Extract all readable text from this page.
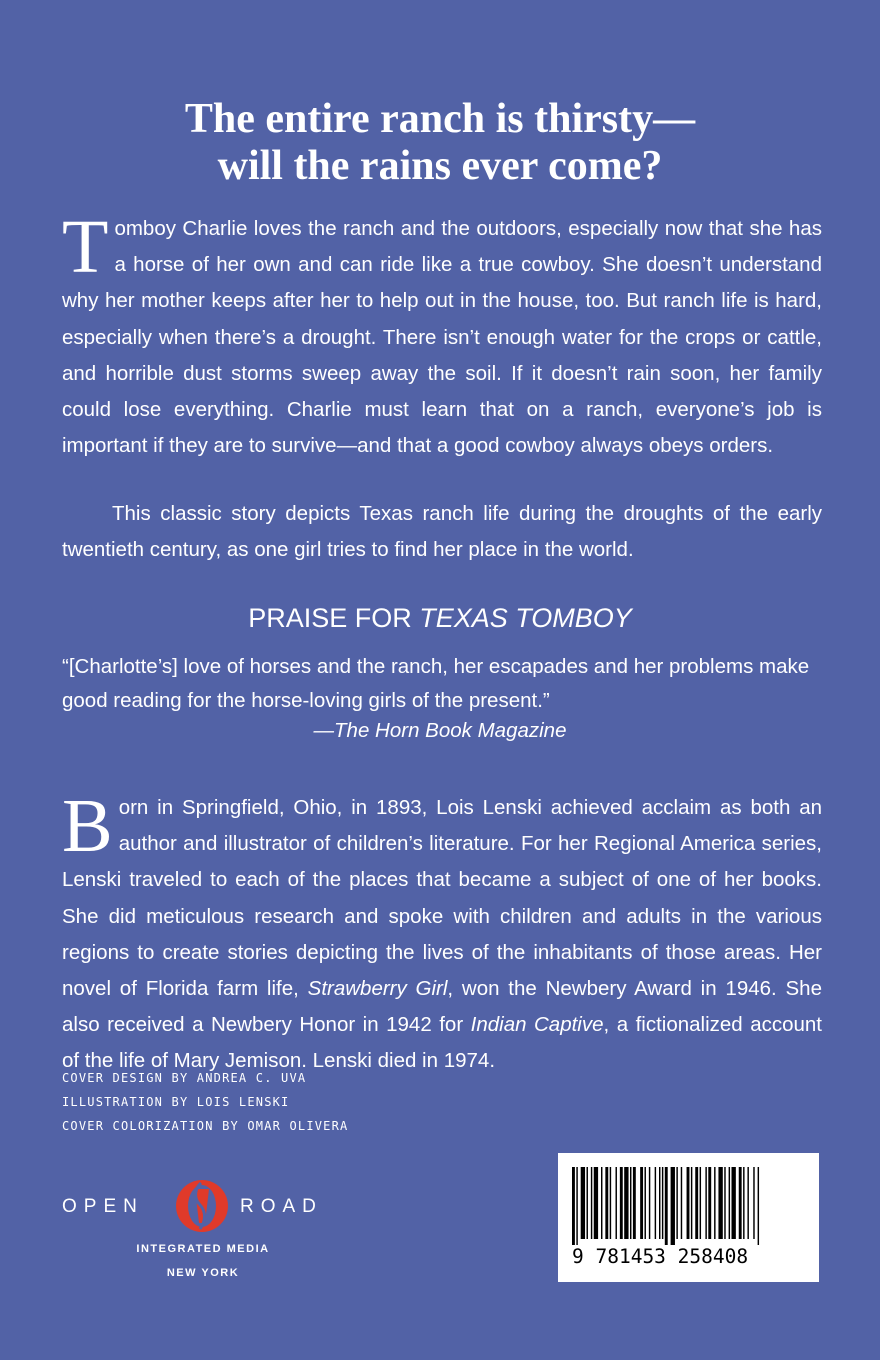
The entire ranch is thirsty—
will the rains ever come?

Tomboy Charlie loves the ranch and the outdoors, especially now that she has a horse of her own and can ride like a true cowboy. She doesn’t understand why her mother keeps after her to help out in the house, too. But ranch life is hard, especially when there’s a drought. There isn’t enough water for the crops or cattle, and horrible dust storms sweep away the soil. If it doesn’t rain soon, her family could lose everything. Charlie must learn that on a ranch, everyone’s job is important if they are to survive—and that a good cowboy always obeys orders.

This classic story depicts Texas ranch life during the droughts of the early twentieth century, as one girl tries to find her place in the world.

PRAISE FOR TEXAS TOMBOY

“[Charlotte’s] love of horses and the ranch, her escapades and her problems make good reading for the horse-loving girls of the present.”

—The Horn Book Magazine

Born in Springfield, Ohio, in 1893, Lois Lenski achieved acclaim as both an author and illustrator of children’s literature. For her Regional America series, Lenski traveled to each of the places that became a subject of one of her books. She did meticulous research and spoke with children and adults in the various regions to create stories depicting the lives of the inhabitants of those areas. Her novel of Florida farm life, Strawberry Girl, won the Newbery Award in 1946. She also received a Newbery Honor in 1942 for Indian Captive, a fictionalized account of the life of Mary Jemison. Lenski died in 1974.

COVER DESIGN BY ANDREA C. UVA
ILLUSTRATION BY LOIS LENSKI
COVER COLORIZATION BY OMAR OLIVERA
OPEN	ROAD
INTEGRATED MEDIA
NEW YORK
9 781453 258408
